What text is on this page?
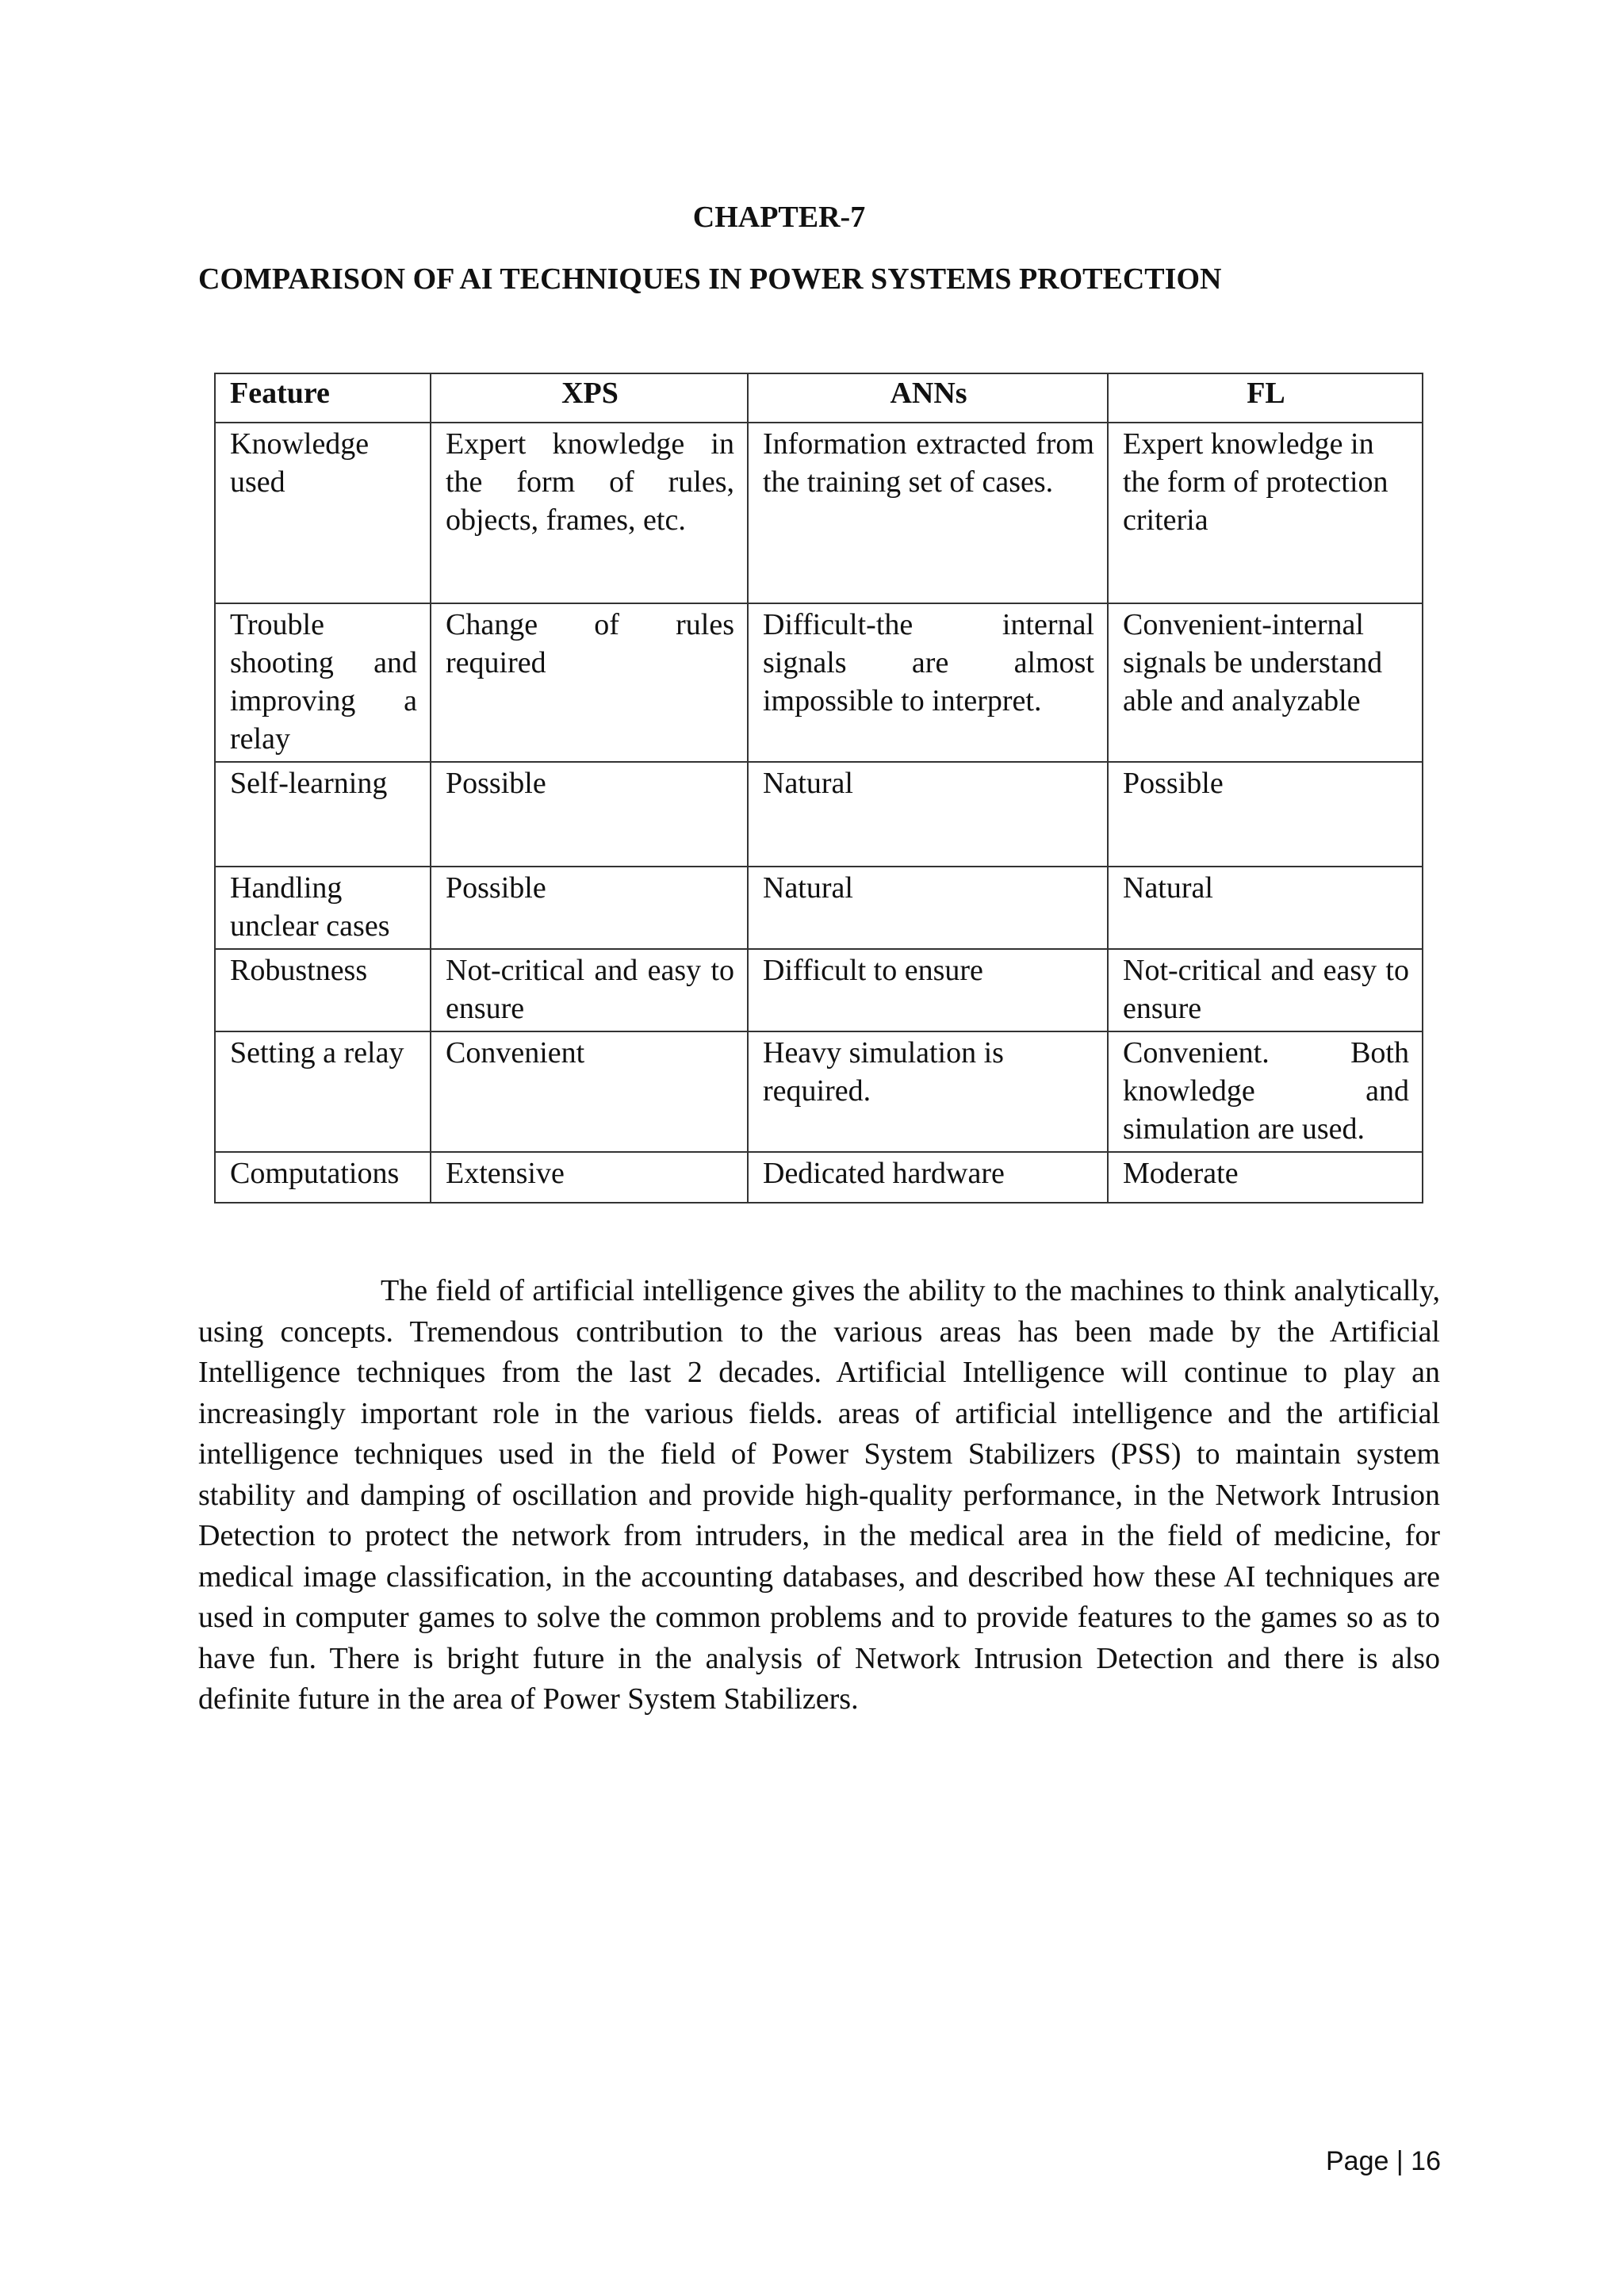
CHAPTER-7
COMPARISON OF AI TECHNIQUES IN POWER SYSTEMS PROTECTION
Feature	XPS	ANNs	FL
Knowledge used	Expert knowledge in the form of rules, objects, frames, etc.	Information extracted from the training set of cases.	Expert knowledge in the form of protection criteria
Trouble shooting and improving a relay	Change of rules required	Difficult-the internal signals are almost impossible to interpret.	Convenient-internal signals be understand able and analyzable
Self-learning	Possible	Natural	Possible
Handling unclear cases	Possible	Natural	Natural
Robustness	Not-critical and easy to ensure	Difficult to ensure	Not-critical and easy to ensure
Setting a relay	Convenient	Heavy simulation is required.	Convenient. Both knowledge and simulation are used.
Computations	Extensive	Dedicated hardware	Moderate

The field of artificial intelligence gives the ability to the machines to think analytically, using concepts. Tremendous contribution to the various areas has been made by the Artificial Intelligence techniques from the last 2 decades. Artificial Intelligence will continue to play an increasingly important role in the various fields. areas of artificial intelligence and the artificial intelligence techniques used in the field of Power System Stabilizers (PSS) to maintain system stability and damping of oscillation and provide high-quality performance, in the Network Intrusion Detection to protect the network from intruders, in the medical area in the field of medicine, for medical image classification, in the accounting databases, and described how these AI techniques are used in computer games to solve the common problems and to provide features to the games so as to have fun. There is bright future in the analysis of Network Intrusion Detection and there is also definite future in the area of Power System Stabilizers.

Page | 16
